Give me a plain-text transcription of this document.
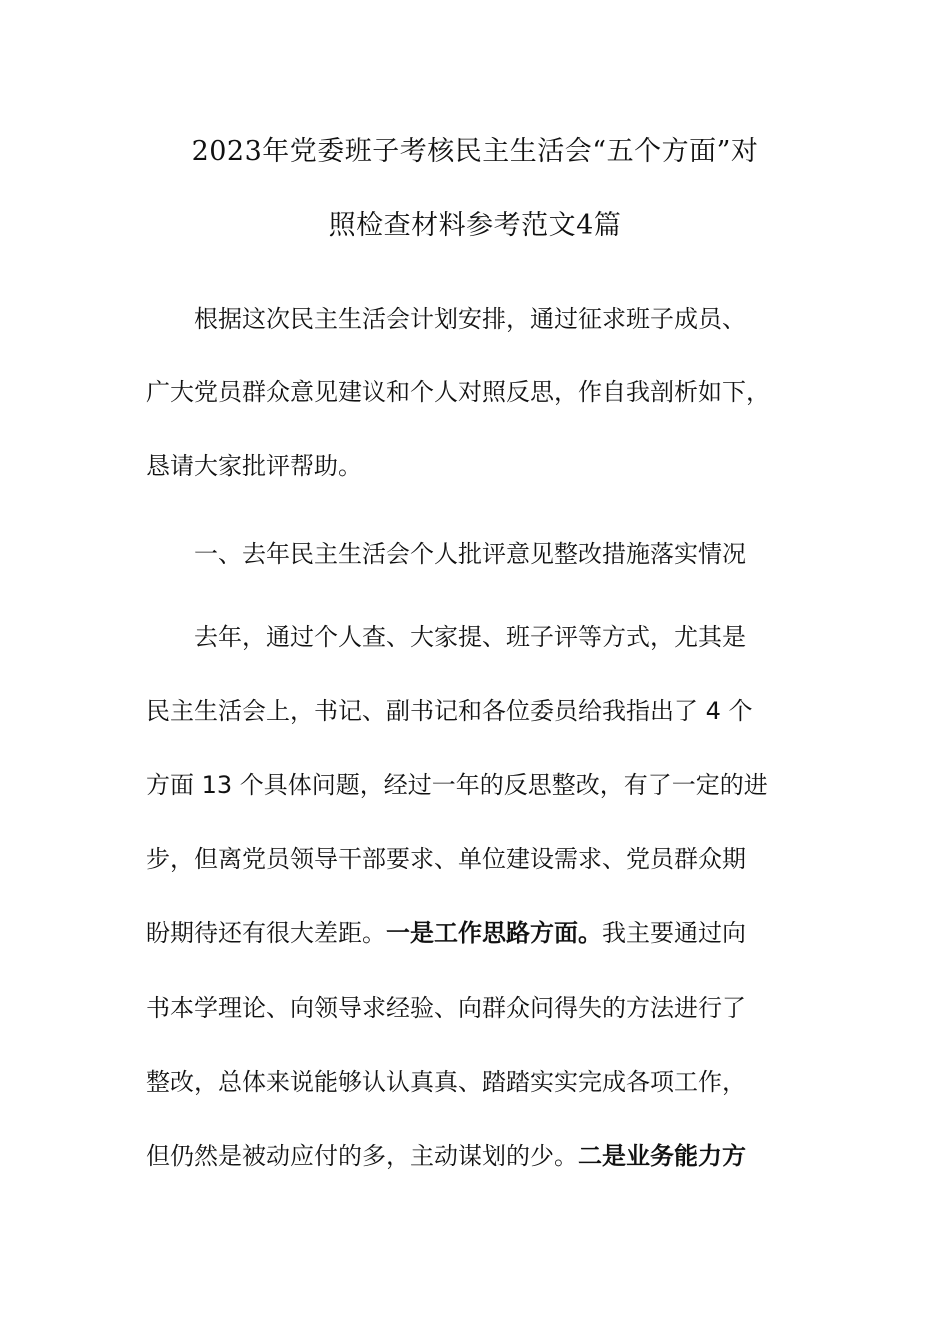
2023年党委班子考核民主生活会“五个方面”对
照检查材料参考范文4篇
根据这次民主生活会计划安排，通过征求班子成员、
广大党员群众意见建议和个人对照反思，作自我剖析如下，
恳请大家批评帮助。
一、去年民主生活会个人批评意见整改措施落实情况
去年，通过个人查、大家提、班子评等方式，尤其是
民主生活会上，书记、副书记和各位委员给我指出了 4 个
方面 13 个具体问题，经过一年的反思整改，有了一定的进
步，但离党员领导干部要求、单位建设需求、党员群众期
盼期待还有很大差距。一是工作思路方面。我主要通过向
书本学理论、向领导求经验、向群众问得失的方法进行了
整改，总体来说能够认认真真、踏踏实实完成各项工作，
但仍然是被动应付的多，主动谋划的少。二是业务能力方
